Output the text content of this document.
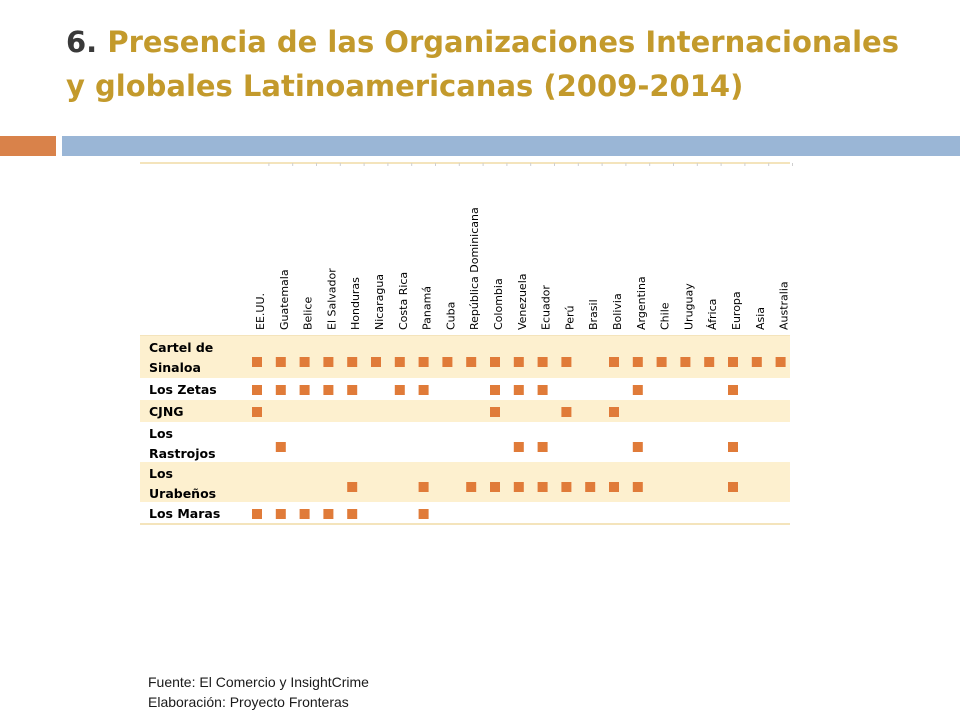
6. Presencia de las Organizaciones Internacionales y globales Latinoamericanas (2009-2014)
EE.UU. Guatemala Belice El Salvador Honduras Nicaragua Costa Rica Panamá Cuba República Dominicana Colombia Venezuela Ecuador Perú Brasil Bolivia Argentina Chile Uruguay África Europa Asia Australia
Cartel de
Sinaloa
Los Zetas
CJNG
Los
Rastrojos
Los
Urabeños
Los Maras
Fuente: El Comercio y InsightCrime
Elaboración: Proyecto Fronteras
